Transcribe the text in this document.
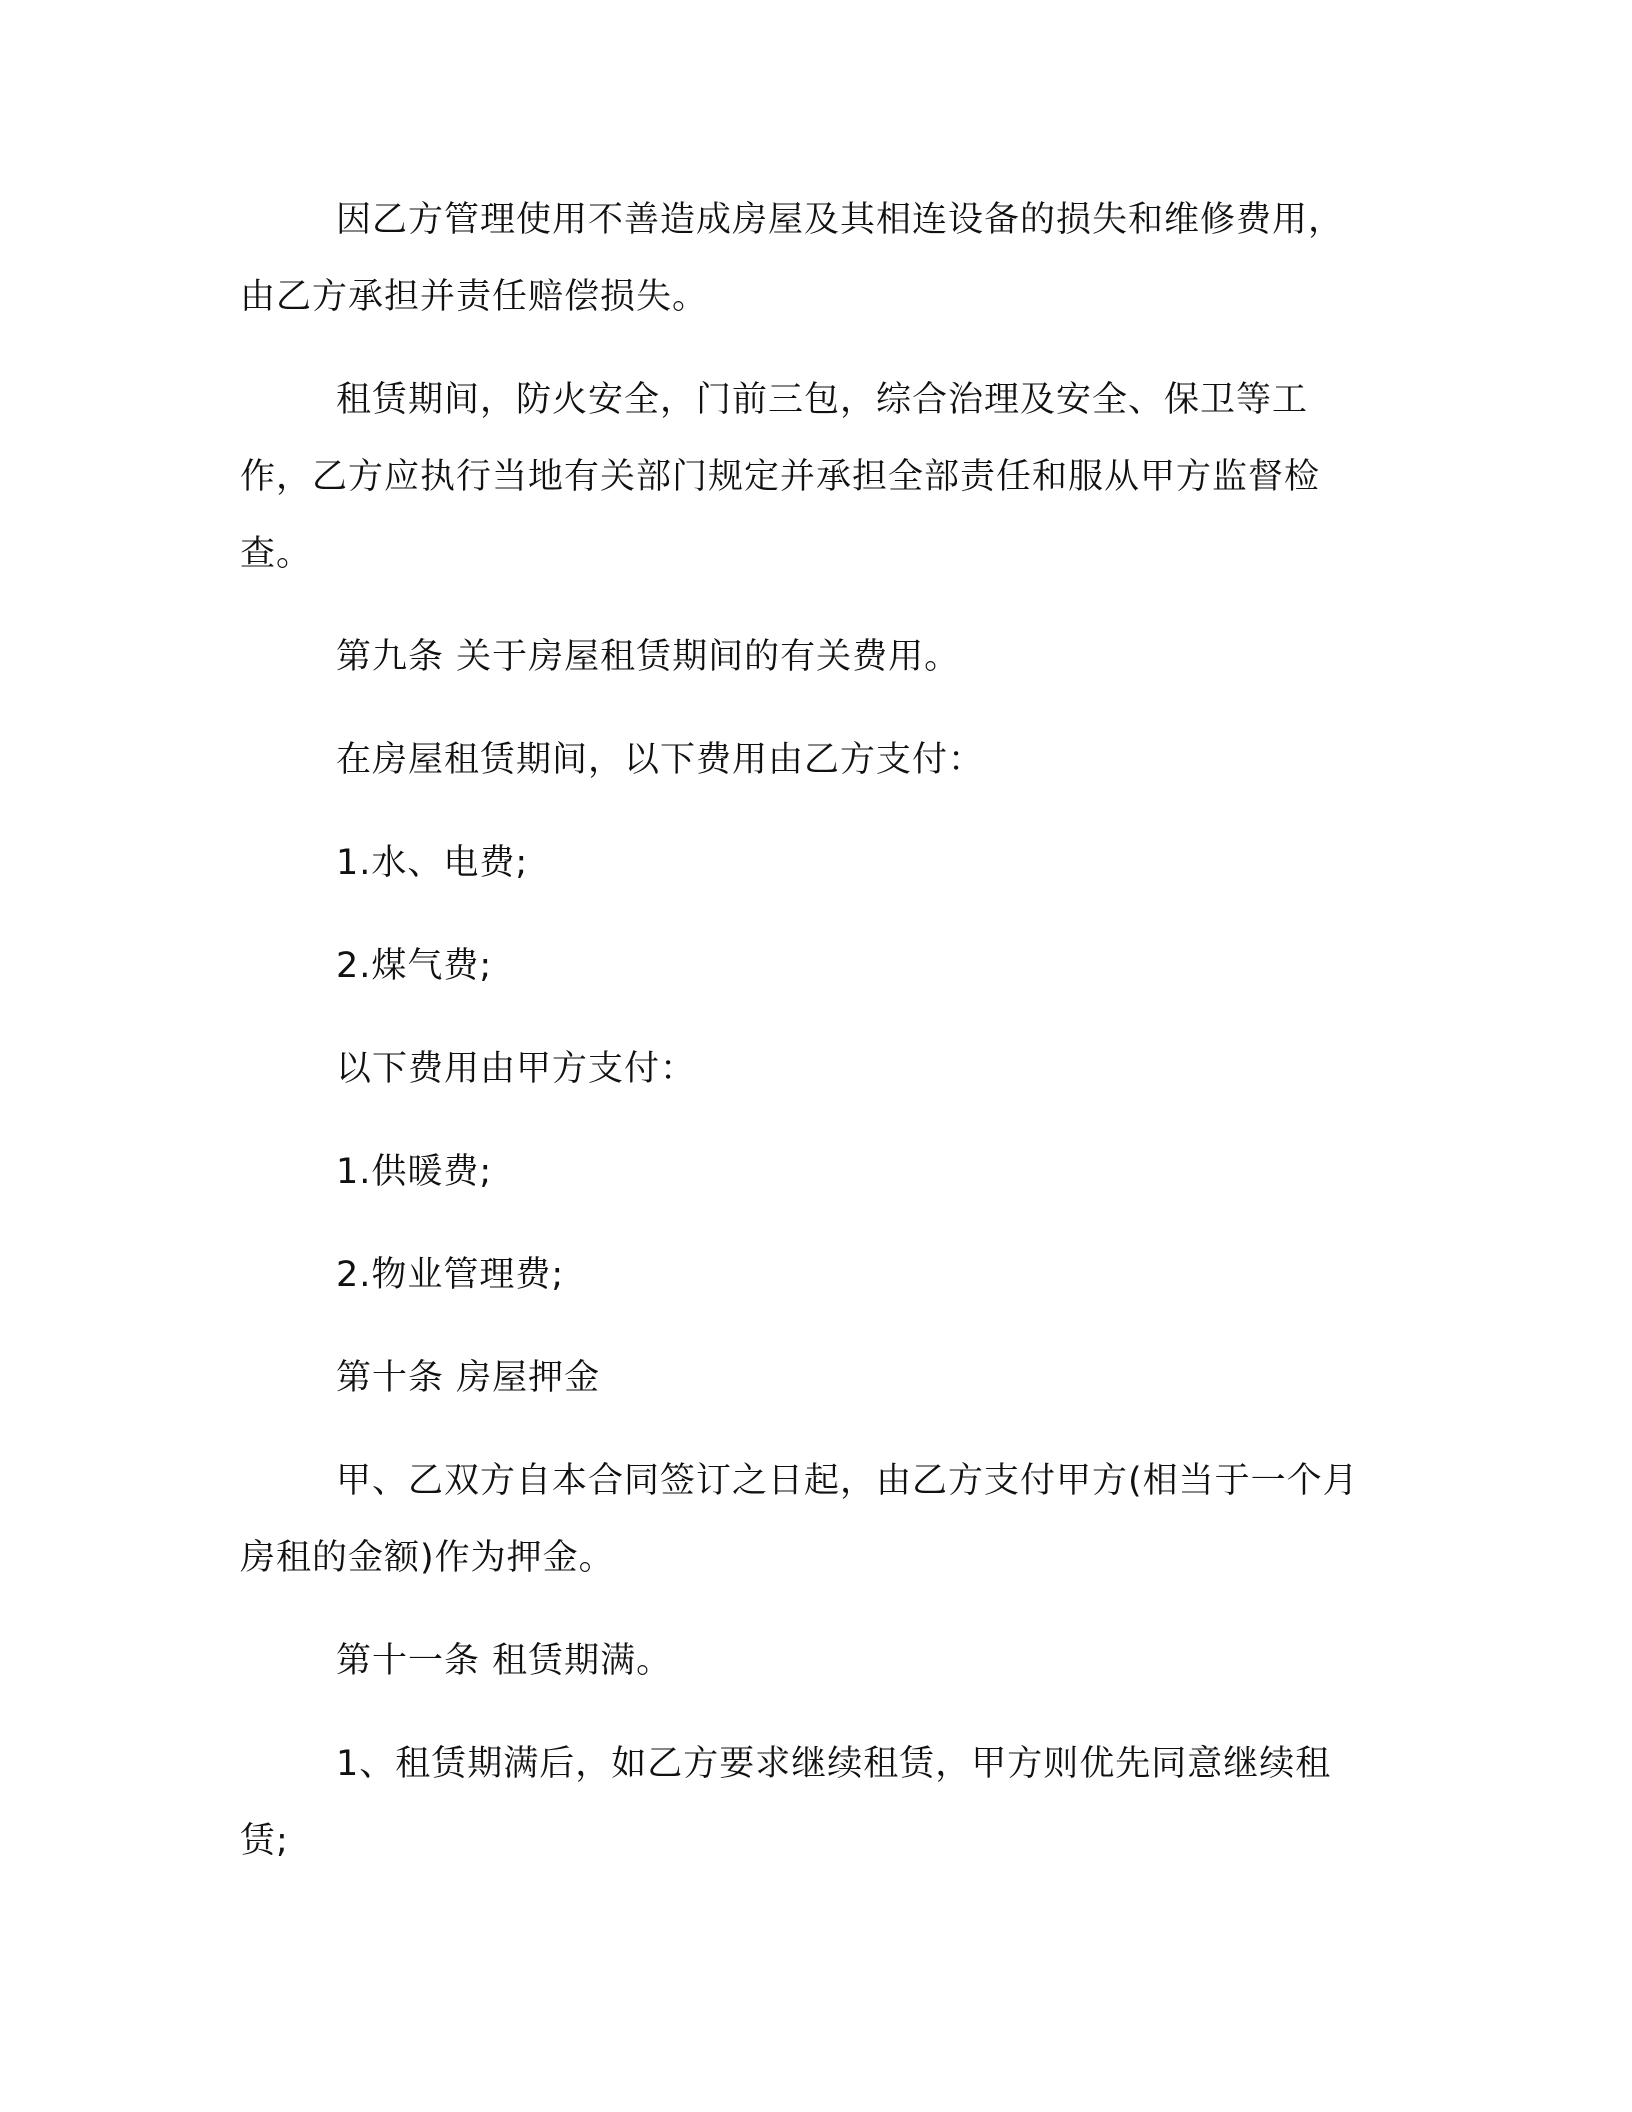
因乙方管理使用不善造成房屋及其相连设备的损失和维修费用，由乙方承担并责任赔偿损失。
租赁期间，防火安全，门前三包，综合治理及安全、保卫等工作，乙方应执行当地有关部门规定并承担全部责任和服从甲方监督检查。
第九条 关于房屋租赁期间的有关费用。
在房屋租赁期间，以下费用由乙方支付：
1.水、电费;
2.煤气费;
以下费用由甲方支付：
1.供暖费;
2.物业管理费;
第十条 房屋押金
甲、乙双方自本合同签订之日起，由乙方支付甲方(相当于一个月房租的金额)作为押金。
第十一条 租赁期满。
1、租赁期满后，如乙方要求继续租赁，甲方则优先同意继续租赁;
